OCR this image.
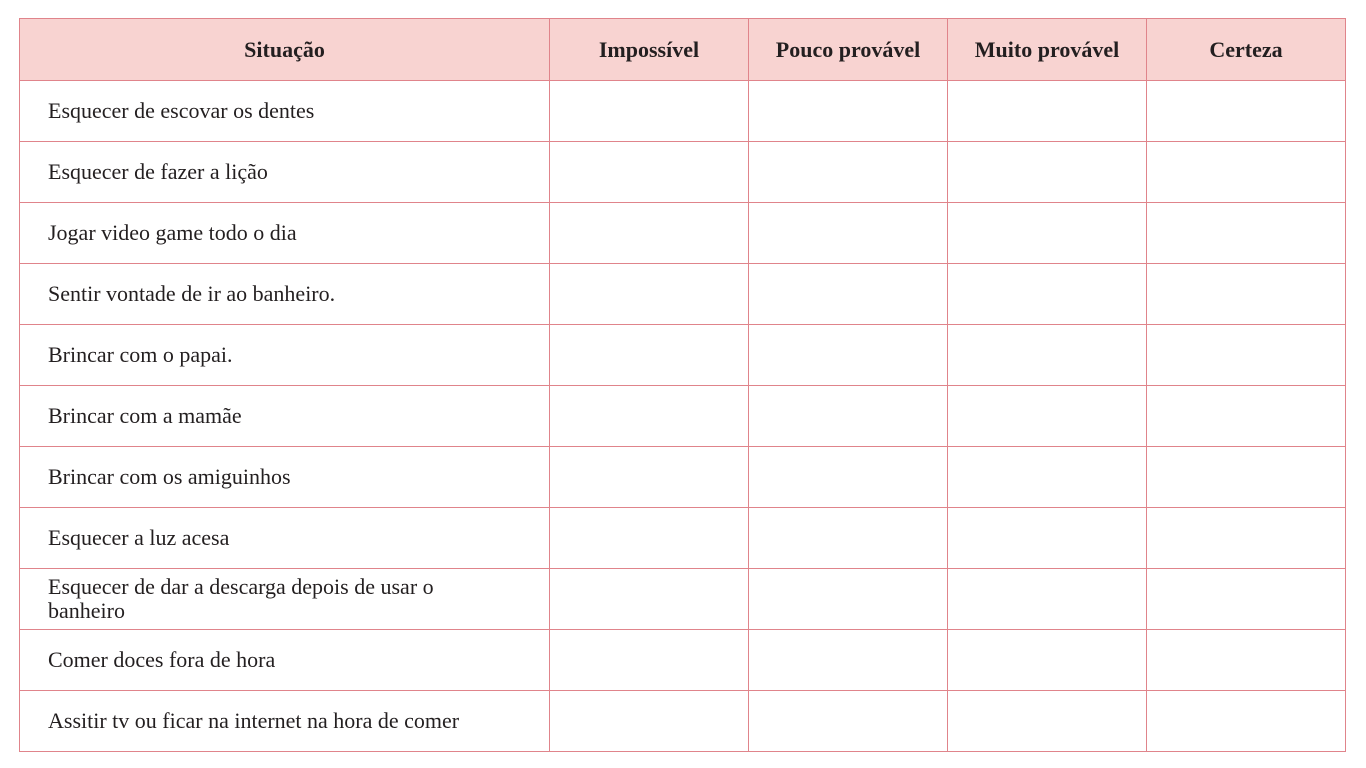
Situação	Impossível	Pouco provável	Muito provável	Certeza
Esquecer de escovar os dentes				
Esquecer de fazer a lição				
Jogar video game todo o dia				
Sentir vontade de ir ao banheiro.				
Brincar com o papai.				
Brincar com a mamãe				
Brincar com os amiguinhos				
Esquecer a luz acesa				
Esquecer de dar a descarga depois de usar o banheiro				
Comer doces fora de hora				
Assitir tv ou ficar na internet na hora de comer				
